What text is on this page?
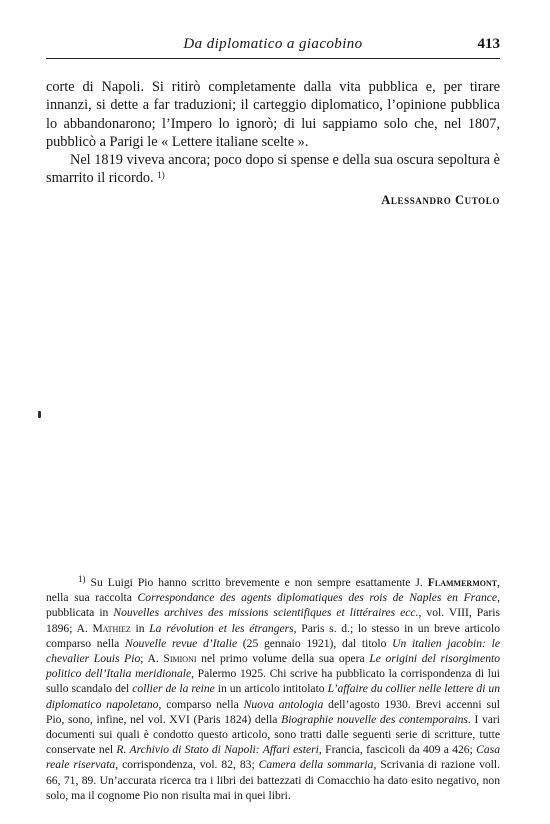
Da diplomatico a giacobino	413

corte di Napoli. Si ritirò completamente dalla vita pubblica e, per tirare innanzi, si dette a far traduzioni; il carteggio diplomatico, l’opinione pubblica lo abbandonarono; l’Impero lo ignorò; di lui sappiamo solo che, nel 1807, pubblicò a Parigi le « Lettere italiane scelte ».

Nel 1819 viveva ancora; poco dopo si spense e della sua oscura sepoltura è smarrito il ricordo. $^{1)}$

Alessandro Cutolo
$^{1)}$ Su Luigi Pio hanno scritto brevemente e non sempre esattamente J. Flammermont, nella sua raccolta Correspondance des agents diplomatiques des rois de Naples en France, pubblicata in Nouvelles archives des missions scientifiques et littéraires ecc., vol. VIII, Paris 1896; A. Mathiez in La révolution et les étrangers, Paris s. d.; lo stesso in un breve articolo comparso nella Nouvelle revue d’Italie (25 gennaio 1921), dal titolo Un italien jacobin: le chevalier Louis Pio; A. Simioni nel primo volume della sua opera Le origini del risorgimento politico dell’Italia meridionale, Palermo 1925. Chi scrive ha pubblicato la corrispondenza di lui sullo scandalo del collier de la reine in un articolo intitolato L’affaire du collier nelle lettere di un diplomatico napoletano, comparso nella Nuova antologia dell’agosto 1930. Brevi accenni sul Pio, sono, infine, nel vol. XVI (Paris 1824) della Biographie nouvelle des contemporains. I vari documenti sui quali è condotto questo articolo, sono tratti dalle seguenti serie di scritture, tutte conservate nel R. Archivio di Stato di Napoli: Affari esteri, Francia, fascicoli da 409 a 426; Casa reale riservata, corrispondenza, vol. 82, 83; Camera della sommaria, Scrivania di razione voll. 66, 71, 89. Un’accurata ricerca tra i libri dei battezzati di Comacchio ha dato esito negativo, non solo, ma il cognome Pio non risulta mai in quei libri.
